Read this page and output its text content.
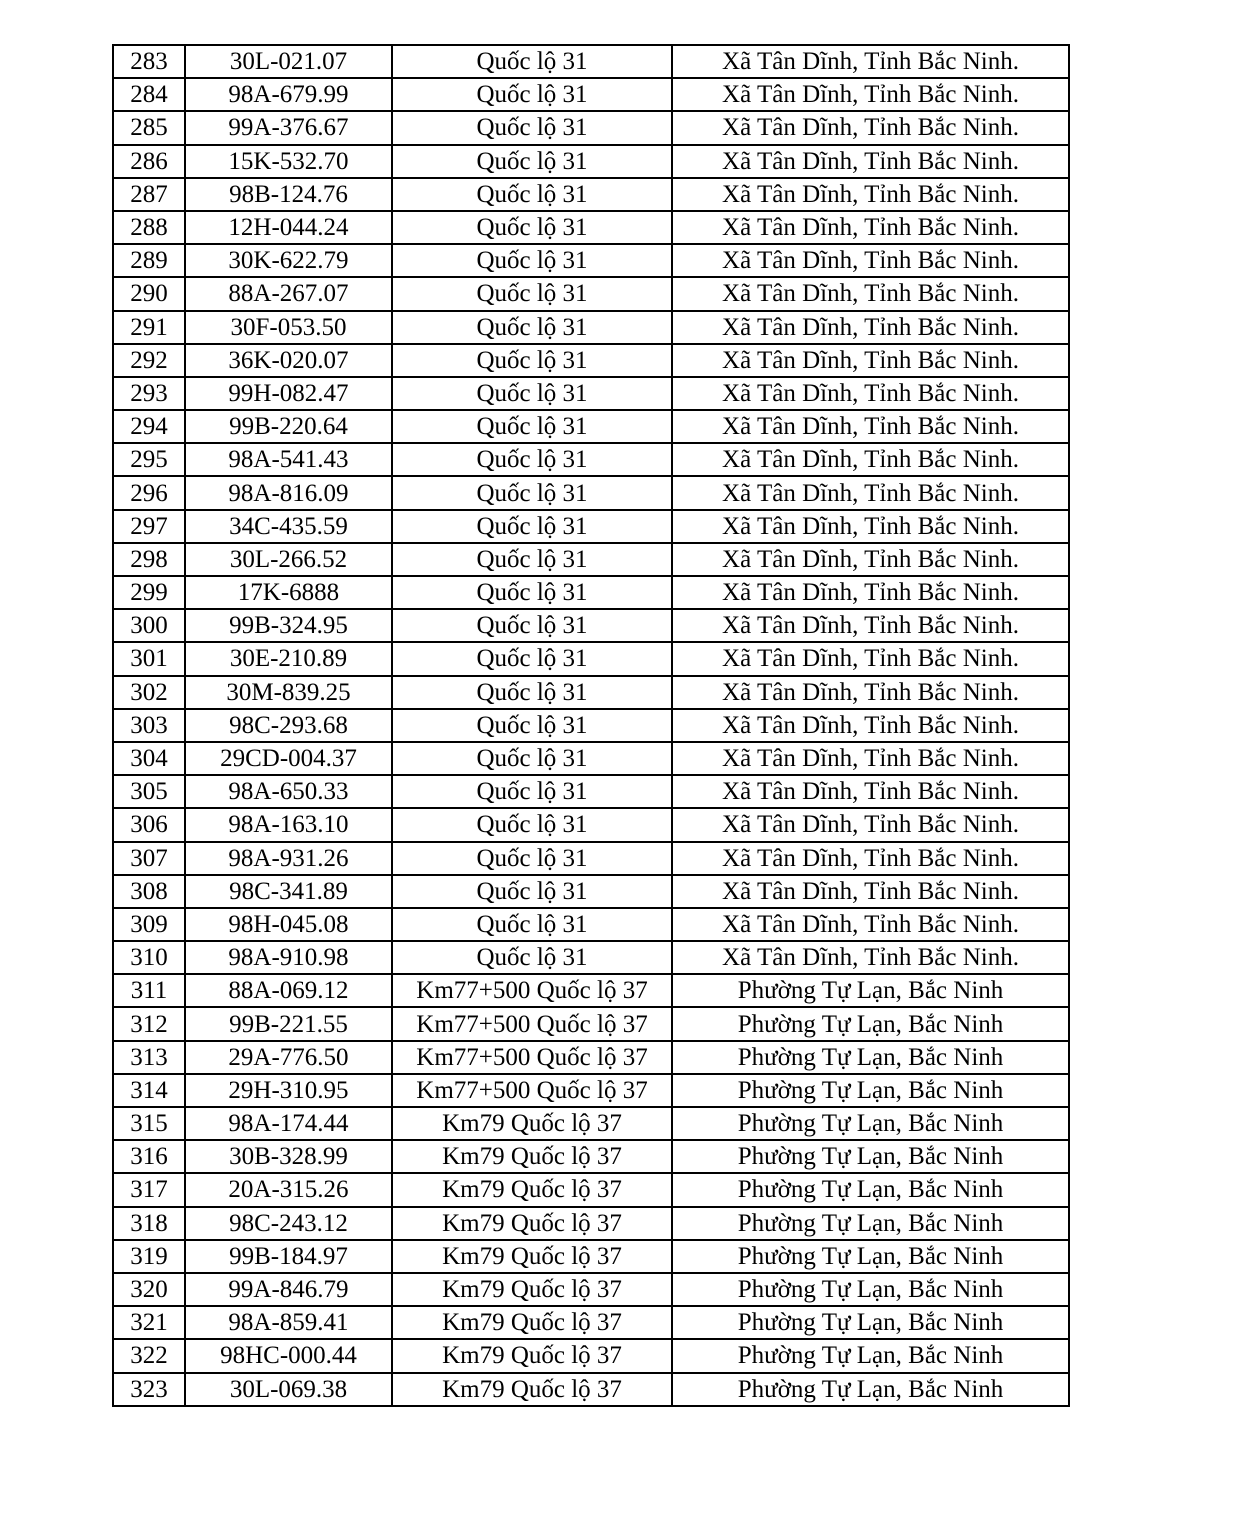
283	30L-021.07	Quốc lộ 31	Xã Tân Dĩnh, Tỉnh Bắc Ninh.
284	98A-679.99	Quốc lộ 31	Xã Tân Dĩnh, Tỉnh Bắc Ninh.
285	99A-376.67	Quốc lộ 31	Xã Tân Dĩnh, Tỉnh Bắc Ninh.
286	15K-532.70	Quốc lộ 31	Xã Tân Dĩnh, Tỉnh Bắc Ninh.
287	98B-124.76	Quốc lộ 31	Xã Tân Dĩnh, Tỉnh Bắc Ninh.
288	12H-044.24	Quốc lộ 31	Xã Tân Dĩnh, Tỉnh Bắc Ninh.
289	30K-622.79	Quốc lộ 31	Xã Tân Dĩnh, Tỉnh Bắc Ninh.
290	88A-267.07	Quốc lộ 31	Xã Tân Dĩnh, Tỉnh Bắc Ninh.
291	30F-053.50	Quốc lộ 31	Xã Tân Dĩnh, Tỉnh Bắc Ninh.
292	36K-020.07	Quốc lộ 31	Xã Tân Dĩnh, Tỉnh Bắc Ninh.
293	99H-082.47	Quốc lộ 31	Xã Tân Dĩnh, Tỉnh Bắc Ninh.
294	99B-220.64	Quốc lộ 31	Xã Tân Dĩnh, Tỉnh Bắc Ninh.
295	98A-541.43	Quốc lộ 31	Xã Tân Dĩnh, Tỉnh Bắc Ninh.
296	98A-816.09	Quốc lộ 31	Xã Tân Dĩnh, Tỉnh Bắc Ninh.
297	34C-435.59	Quốc lộ 31	Xã Tân Dĩnh, Tỉnh Bắc Ninh.
298	30L-266.52	Quốc lộ 31	Xã Tân Dĩnh, Tỉnh Bắc Ninh.
299	17K-6888	Quốc lộ 31	Xã Tân Dĩnh, Tỉnh Bắc Ninh.
300	99B-324.95	Quốc lộ 31	Xã Tân Dĩnh, Tỉnh Bắc Ninh.
301	30E-210.89	Quốc lộ 31	Xã Tân Dĩnh, Tỉnh Bắc Ninh.
302	30M-839.25	Quốc lộ 31	Xã Tân Dĩnh, Tỉnh Bắc Ninh.
303	98C-293.68	Quốc lộ 31	Xã Tân Dĩnh, Tỉnh Bắc Ninh.
304	29CD-004.37	Quốc lộ 31	Xã Tân Dĩnh, Tỉnh Bắc Ninh.
305	98A-650.33	Quốc lộ 31	Xã Tân Dĩnh, Tỉnh Bắc Ninh.
306	98A-163.10	Quốc lộ 31	Xã Tân Dĩnh, Tỉnh Bắc Ninh.
307	98A-931.26	Quốc lộ 31	Xã Tân Dĩnh, Tỉnh Bắc Ninh.
308	98C-341.89	Quốc lộ 31	Xã Tân Dĩnh, Tỉnh Bắc Ninh.
309	98H-045.08	Quốc lộ 31	Xã Tân Dĩnh, Tỉnh Bắc Ninh.
310	98A-910.98	Quốc lộ 31	Xã Tân Dĩnh, Tỉnh Bắc Ninh.
311	88A-069.12	Km77+500 Quốc lộ 37	Phường Tự Lạn, Bắc Ninh
312	99B-221.55	Km77+500 Quốc lộ 37	Phường Tự Lạn, Bắc Ninh
313	29A-776.50	Km77+500 Quốc lộ 37	Phường Tự Lạn, Bắc Ninh
314	29H-310.95	Km77+500 Quốc lộ 37	Phường Tự Lạn, Bắc Ninh
315	98A-174.44	Km79 Quốc lộ 37	Phường Tự Lạn, Bắc Ninh
316	30B-328.99	Km79 Quốc lộ 37	Phường Tự Lạn, Bắc Ninh
317	20A-315.26	Km79 Quốc lộ 37	Phường Tự Lạn, Bắc Ninh
318	98C-243.12	Km79 Quốc lộ 37	Phường Tự Lạn, Bắc Ninh
319	99B-184.97	Km79 Quốc lộ 37	Phường Tự Lạn, Bắc Ninh
320	99A-846.79	Km79 Quốc lộ 37	Phường Tự Lạn, Bắc Ninh
321	98A-859.41	Km79 Quốc lộ 37	Phường Tự Lạn, Bắc Ninh
322	98HC-000.44	Km79 Quốc lộ 37	Phường Tự Lạn, Bắc Ninh
323	30L-069.38	Km79 Quốc lộ 37	Phường Tự Lạn, Bắc Ninh
